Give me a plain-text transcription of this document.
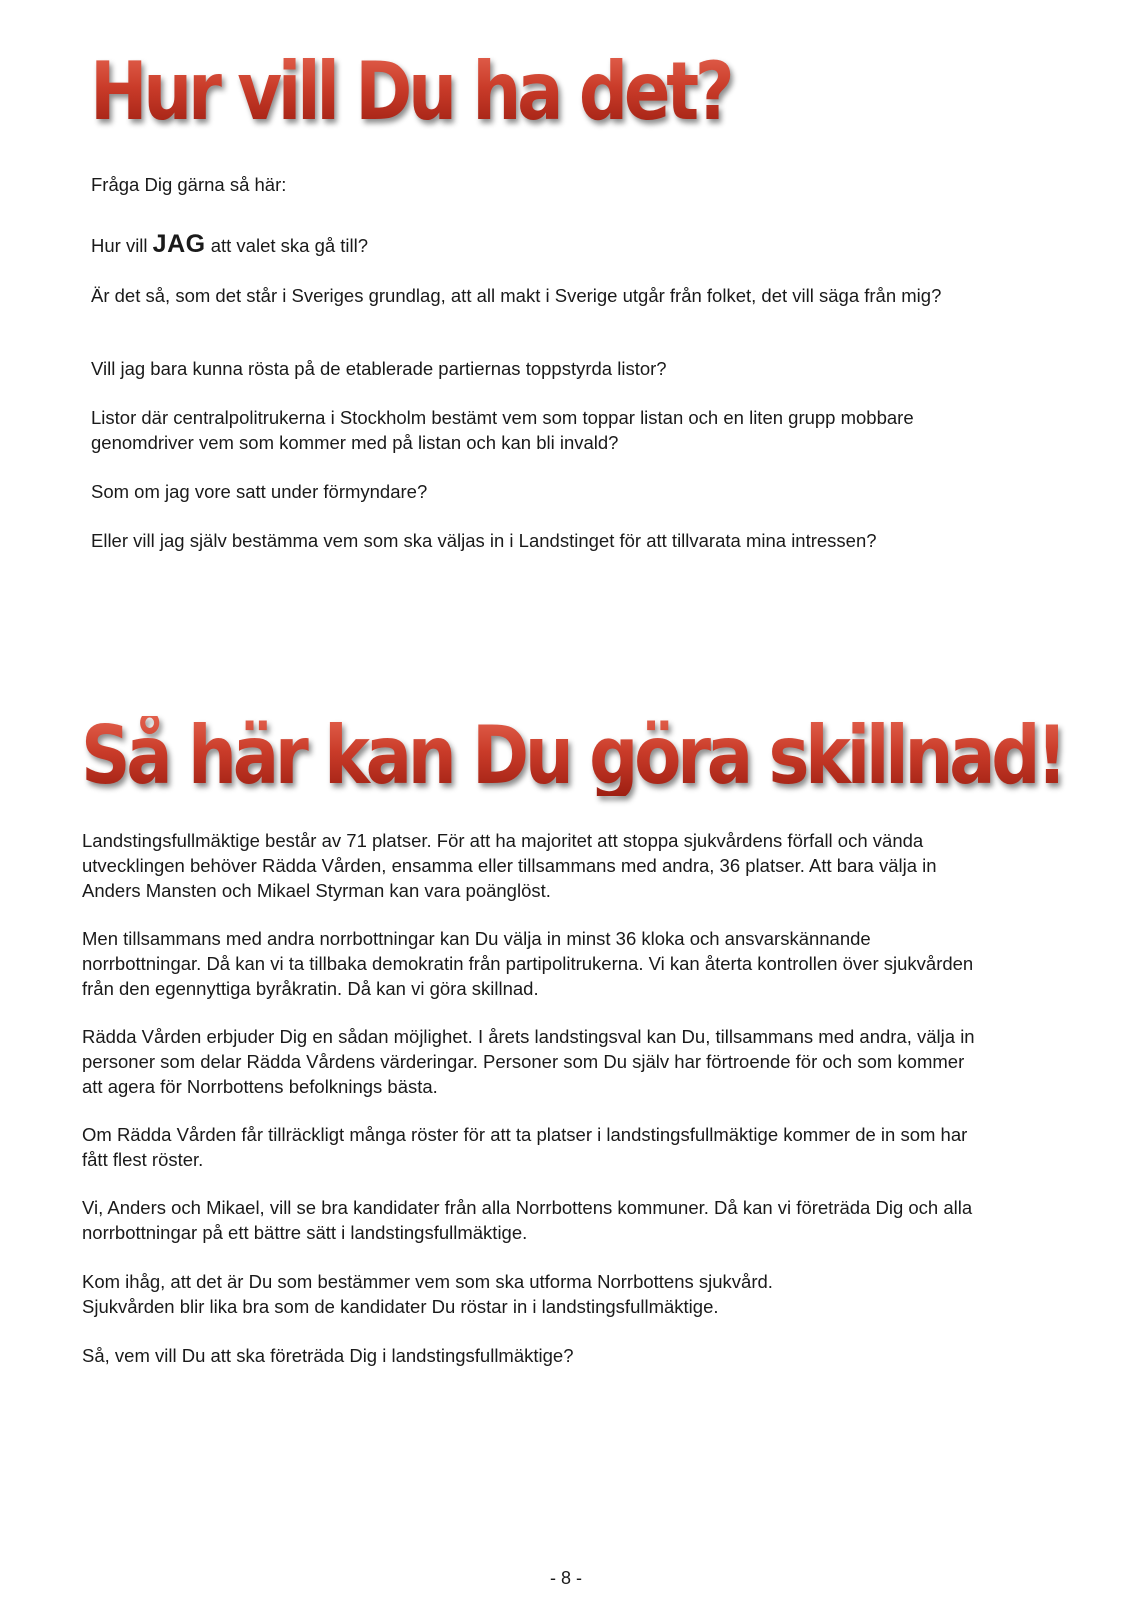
Hur vill Du ha det?

Fråga Dig gärna så här:

Hur vill JAG att valet ska gå till?

Är det så, som det står i Sveriges grundlag, att all makt i Sverige utgår från folket, det vill säga från mig?

Vill jag bara kunna rösta på de etablerade partiernas toppstyrda listor?

Listor där centralpolitrukerna i Stockholm bestämt vem som toppar listan och en liten grupp mobbare genomdriver vem som kommer med på listan och kan bli invald?

Som om jag vore satt under förmyndare?

Eller vill jag själv bestämma vem som ska väljas in i Landstinget för att tillvarata mina intressen?

Så här kan Du göra skillnad!

Landstingsfullmäktige består av 71 platser. För att ha majoritet att stoppa sjukvårdens förfall och vända utvecklingen behöver Rädda Vården, ensamma eller tillsammans med andra, 36 platser. Att bara välja in Anders Mansten och Mikael Styrman kan vara poänglöst.

Men tillsammans med andra norrbottningar kan Du välja in minst 36 kloka och ansvarskännande norrbottningar. Då kan vi ta tillbaka demokratin från partipolitrukerna. Vi kan återta kontrollen över sjukvården från den egennyttiga byråkratin. Då kan vi göra skillnad.

Rädda Vården erbjuder Dig en sådan möjlighet. I årets landstingsval kan Du, tillsammans med andra, välja in personer som delar Rädda Vårdens värderingar. Personer som Du själv har förtroende för och som kommer att agera för Norrbottens befolknings bästa.

Om Rädda Vården får tillräckligt många röster för att ta platser i landstingsfullmäktige kommer de in som har fått flest röster.

Vi, Anders och Mikael, vill se bra kandidater från alla Norrbottens kommuner. Då kan vi företräda Dig och alla norrbottningar på ett bättre sätt i landstingsfullmäktige.

Kom ihåg, att det är Du som bestämmer vem som ska utforma Norrbottens sjukvård.

Sjukvården blir lika bra som de kandidater Du röstar in i landstingsfullmäktige.

Så, vem vill Du att ska företräda Dig i landstingsfullmäktige?

- 8 -
